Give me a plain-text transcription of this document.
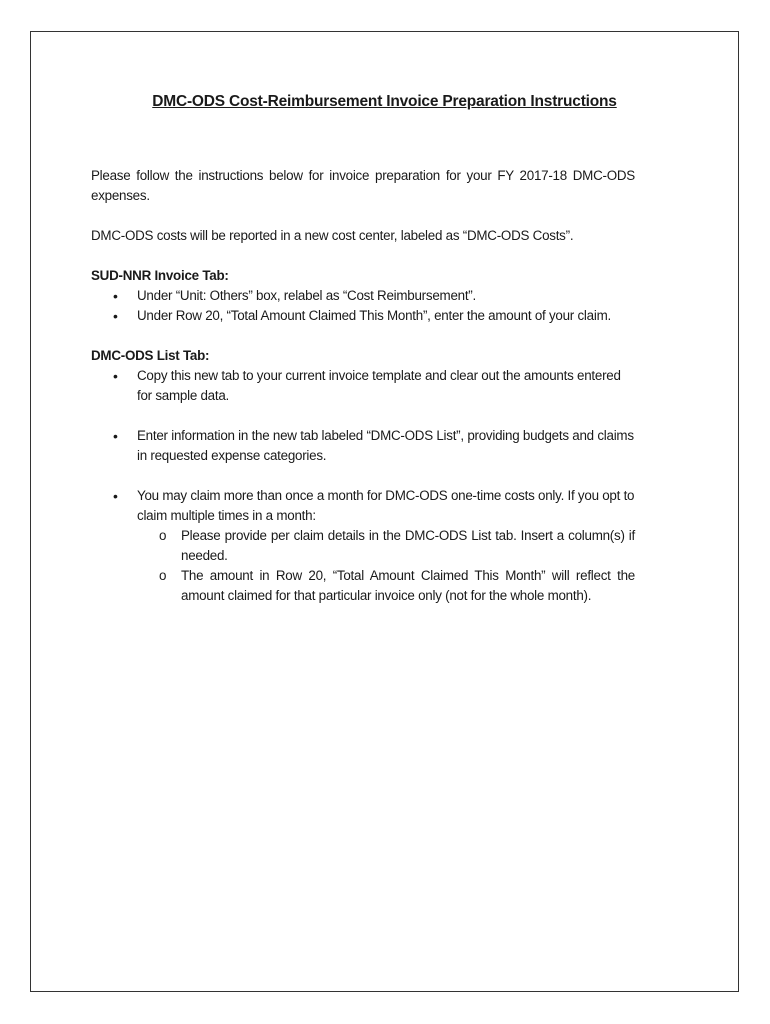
DMC-ODS Cost-Reimbursement Invoice Preparation Instructions

Please follow the instructions below for invoice preparation for your FY 2017-18 DMC-ODS expenses.

DMC-ODS costs will be reported in a new cost center, labeled as “DMC-ODS Costs”.

SUD-NNR Invoice Tab:

• Under “Unit: Others” box, relabel as “Cost Reimbursement”.
• Under Row 20, “Total Amount Claimed This Month”, enter the amount of your claim.

DMC-ODS List Tab:

• Copy this new tab to your current invoice template and clear out the amounts entered for sample data.
• Enter information in the new tab labeled “DMC-ODS List”, providing budgets and claims in requested expense categories.
• You may claim more than once a month for DMC-ODS one-time costs only. If you opt to claim multiple times in a month:
o Please provide per claim details in the DMC-ODS List tab. Insert a column(s) if needed.
o The amount in Row 20, “Total Amount Claimed This Month” will reflect the amount claimed for that particular invoice only (not for the whole month).
